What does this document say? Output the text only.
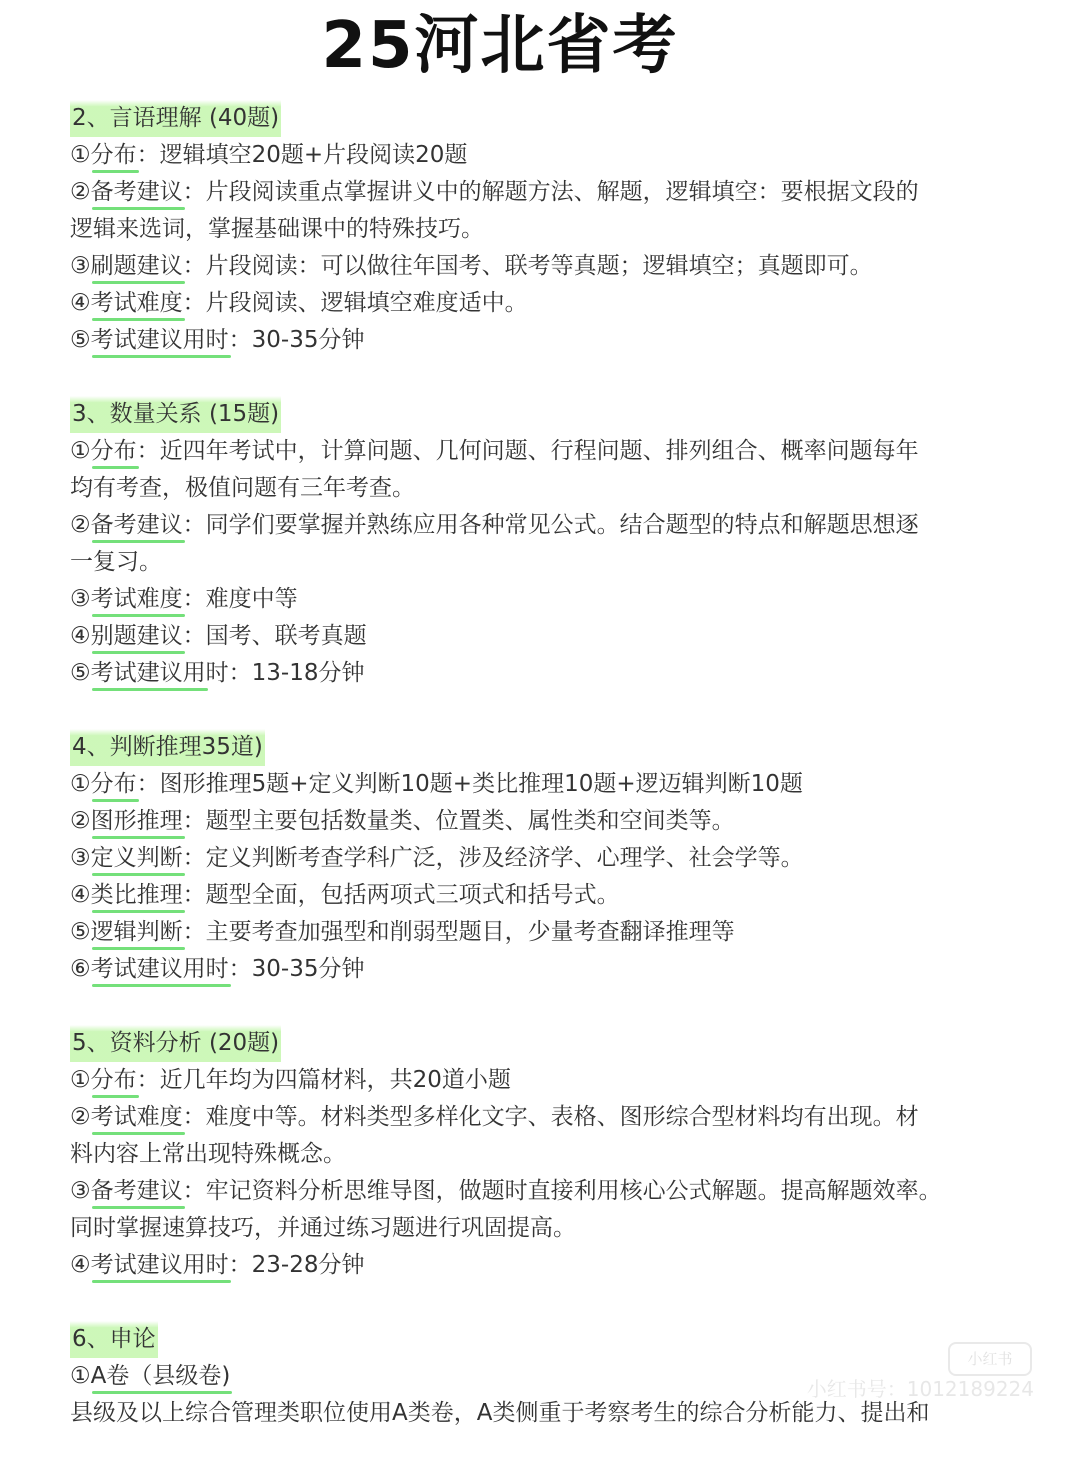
25河北省考
2、言语理解 (40题)
①分布：逻辑填空20题+片段阅读20题
②备考建议：片段阅读重点掌握讲义中的解题方法、解题，逻辑填空：要根据文段的
逻辑来选词，掌握基础课中的特殊技巧。
③刷题建议：片段阅读：可以做往年国考、联考等真题；逻辑填空；真题即可。
④考试难度：片段阅读、逻辑填空难度适中。
⑤考试建议用时：30-35分钟
3、数量关系 (15题)
①分布：近四年考试中，计算问题、几何问题、行程问题、排列组合、概率问题每年
均有考查，极值问题有三年考查。
②备考建议：同学们要掌握并熟练应用各种常见公式。结合题型的特点和解题思想逐
一复习。
③考试难度：难度中等
④别题建议：国考、联考真题
⑤考试建议用时：13-18分钟
4、判断推理35道)
①分布：图形推理5题+定义判断10题+类比推理10题+逻迈辑判断10题
②图形推理：题型主要包括数量类、位置类、属性类和空间类等。
③定义判断：定义判断考查学科广泛，涉及经济学、心理学、社会学等。
④类比推理：题型全面，包括两项式三项式和括号式。
⑤逻辑判断：主要考查加强型和削弱型题目，少量考查翻译推理等
⑥考试建议用时：30-35分钟
5、资料分析 (20题)
①分布：近几年均为四篇材料，共20道小题
②考试难度：难度中等。材料类型多样化文字、表格、图形综合型材料均有出现。材
料内容上常出现特殊概念。
③备考建议：牢记资料分析思维导图，做题时直接利用核心公式解题。提高解题效率。
同时掌握速算技巧，并通过练习题进行巩固提高。
④考试建议用时：23-28分钟
6、申论
①A卷（县级卷)
县级及以上综合管理类职位使用A类卷，A类侧重于考察考生的综合分析能力、提出和
小红书
小红书号：1012189224
